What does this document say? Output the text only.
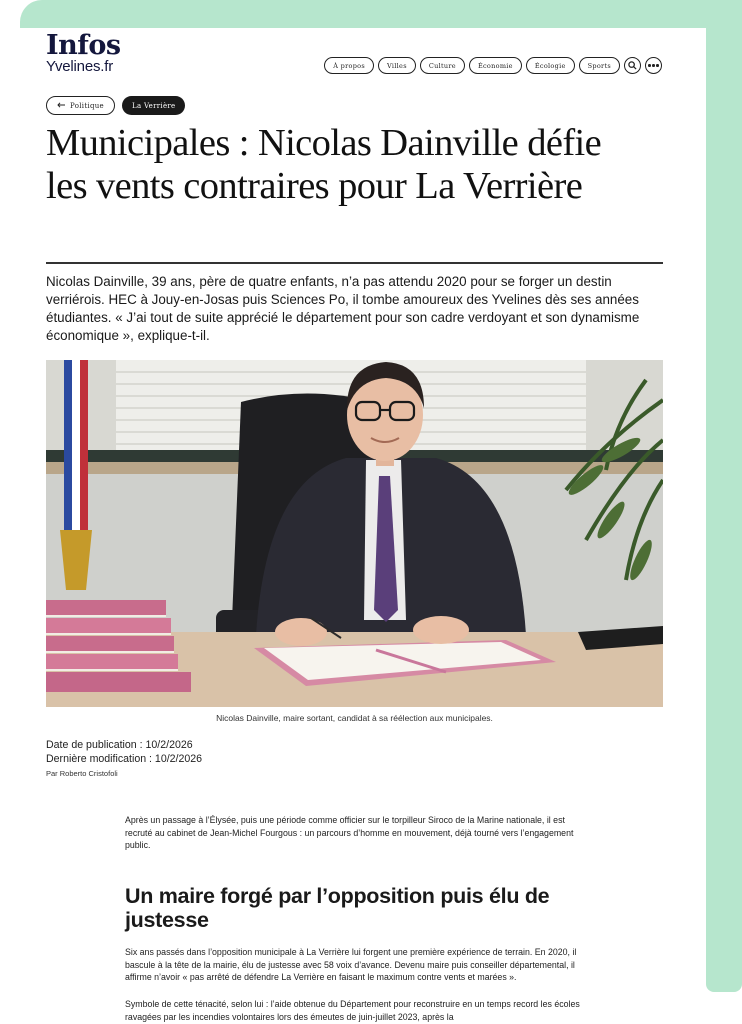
Infos
Yvelines.fr	À propos	Villes	Culture	Économie	Écologie	Sports
Politique	La Verrière
Municipales : Nicolas Dainville défie les vents contraires pour La Verrière

Nicolas Dainville, 39 ans, père de quatre enfants, n’a pas attendu 2020 pour se forger un destin verriérois. HEC à Jouy-en-Josas puis Sciences Po, il tombe amoureux des Yvelines dès ses années étudiantes. « J’ai tout de suite apprécié le département pour son cadre verdoyant et son dynamisme économique », explique-t-il.

Nicolas Dainville, maire sortant, candidat à sa réélection aux municipales.
Date de publication : 10/2/2026
Dernière modification : 10/2/2026
Par Roberto Cristofoli

Après un passage à l’Élysée, puis une période comme officier sur le torpilleur Siroco de la Marine nationale, il est recruté au cabinet de Jean-Michel Fourgous : un parcours d’homme en mouvement, déjà tourné vers l’engagement public.

Un maire forgé par l’opposition puis élu de justesse

Six ans passés dans l’opposition municipale à La Verrière lui forgent une première expérience de terrain. En 2020, il bascule à la tête de la mairie, élu de justesse avec 58 voix d’avance. Devenu maire puis conseiller départemental, il affirme n’avoir « pas arrêté de défendre La Verrière en faisant le maximum contre vents et marées ».

Symbole de cette ténacité, selon lui : l’aide obtenue du Département pour reconstruire en un temps record les écoles ravagées par les incendies volontaires lors des émeutes de juin-juillet 2023, après la
